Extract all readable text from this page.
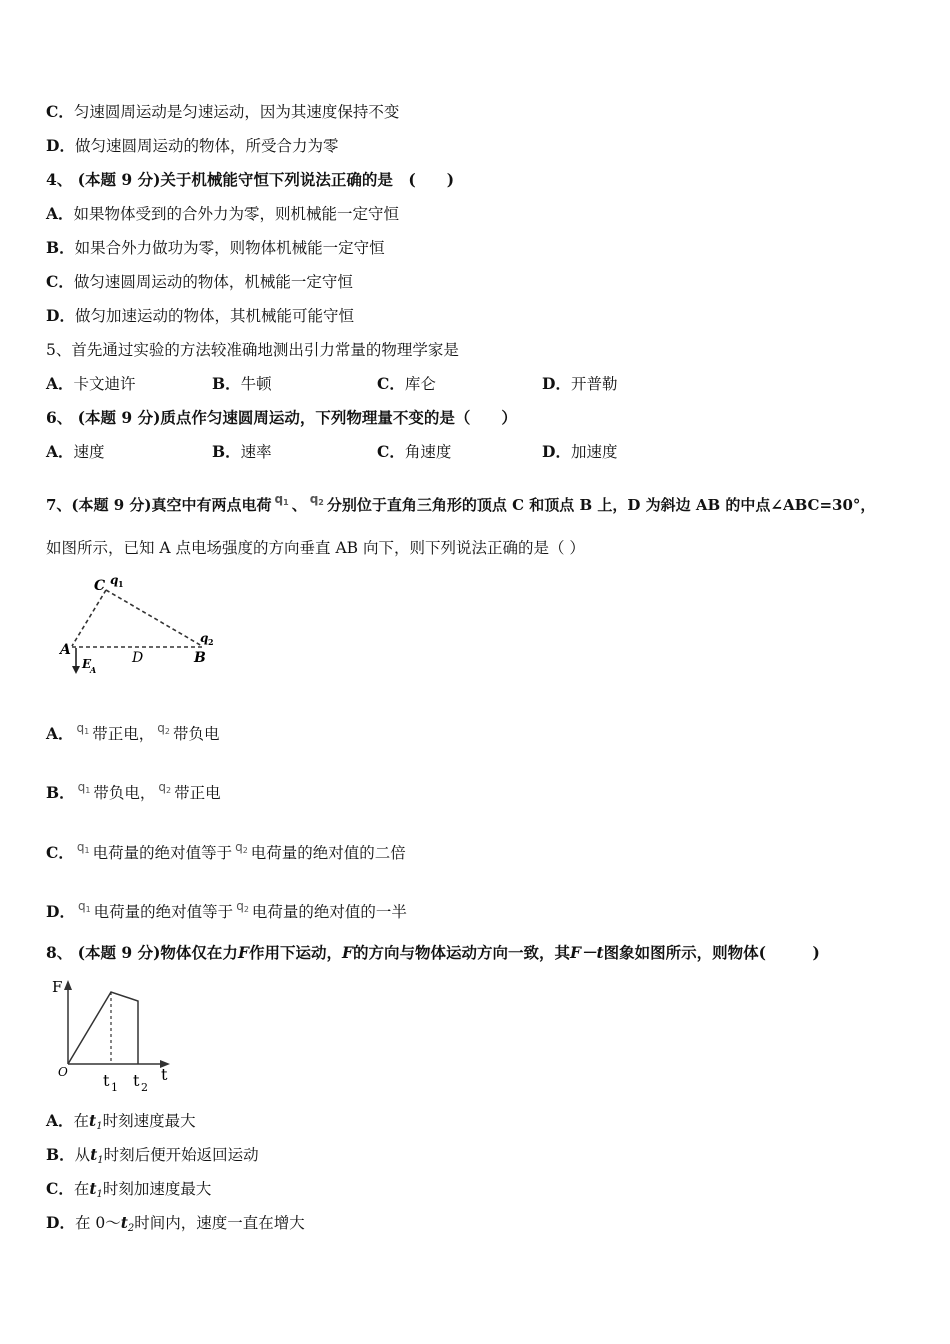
C．匀速圆周运动是匀速运动，因为其速度保持不变
D．做匀速圆周运动的物体，所受合力为零
4、 (本题 9 分)关于机械能守恒下列说法正确的是　(　　)
A．如果物体受到的合外力为零，则机械能一定守恒
B．如果合外力做功为零，则物体机械能一定守恒
C．做匀速圆周运动的物体，机械能一定守恒
D．做匀加速运动的物体，其机械能可能守恒
5、首先通过实验的方法较准确地测出引力常量的物理学家是
A．卡文迪许	B．牛顿	C．库仑	D．开普勒
6、 (本题 9 分)质点作匀速圆周运动，下列物理量不变的是（　　）
A．速度	B．速率	C．角速度	D．加速度
7、(本题 9 分)真空中有两点电荷 $^{q_1}$ 、 $^{q_2}$ 分别位于直角三角形的顶点 C 和顶点 B 上，D 为斜边 AB 的中点∠ABC=30°，
如图所示，已知 A 点电场强度的方向垂直 AB 向下，则下列说法正确的是（ ）
C q 1
q 2
A	D	B
E
A
A． $^{q_1}$ 带正电， $^{q_2}$ 带负电
B． $^{q_1}$ 带负电， $^{q_2}$ 带正电
C． $^{q_1}$ 电荷量的绝对值等于 $^{q_2}$ 电荷量的绝对值的二倍
D． $^{q_1}$ 电荷量的绝对值等于 $^{q_2}$ 电荷量的绝对值的一半
8、 (本题 9 分)物体仅在力F作用下运动，F的方向与物体运动方向一致，其F－t图象如图所示，则物体(　　　)
F
O t 1 t 2
t
A．在$t_1$时刻速度最大
B．从$t_1$时刻后便开始返回运动
C．在$t_1$时刻加速度最大
D．在 $0\sim t_2$时间内，速度一直在增大
